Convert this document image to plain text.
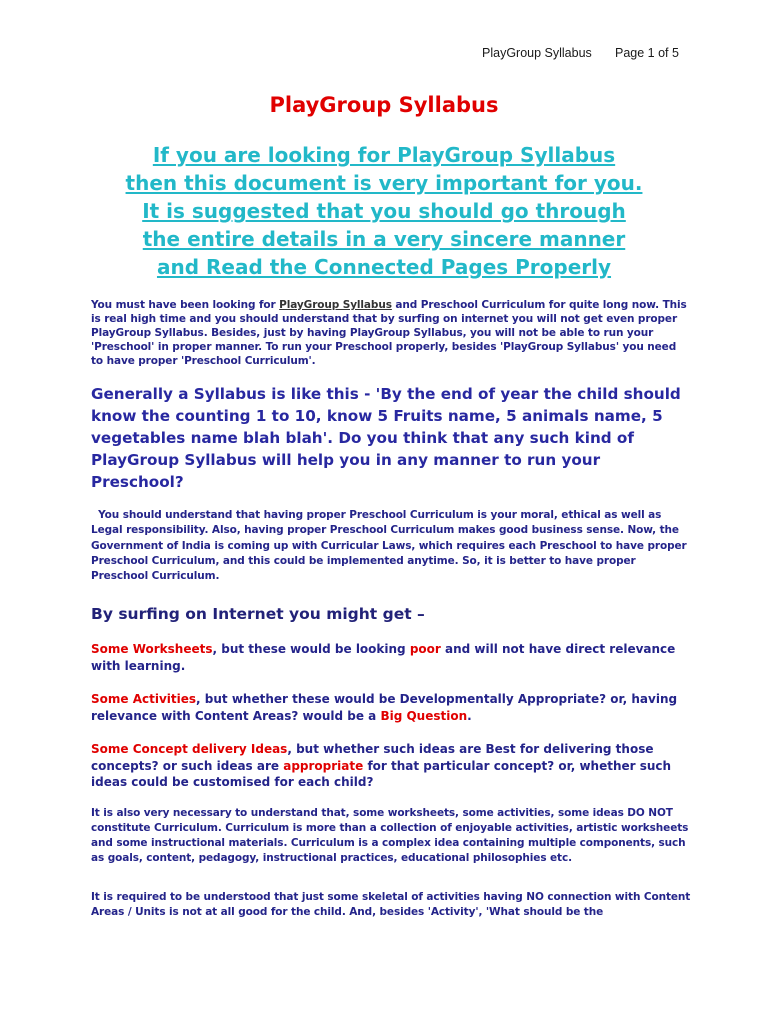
PlayGroup Syllabus Page 1 of 5
PlayGroup Syllabus
If you are looking for PlayGroup Syllabus
then this document is very important for you.
It is suggested that you should go through
the entire details in a very sincere manner
and Read the Connected Pages Properly

You must have been looking for PlayGroup Syllabus and Preschool Curriculum for quite long now. This is real high time and you should understand that by surfing on internet you will not get even proper PlayGroup Syllabus. Besides, just by having PlayGroup Syllabus, you will not be able to run your 'Preschool' in proper manner. To run your Preschool properly, besides 'PlayGroup Syllabus' you need to have proper 'Preschool Curriculum'.

Generally a Syllabus is like this - 'By the end of year the child should know the counting 1 to 10, know 5 Fruits name, 5 animals name, 5 vegetables name blah blah'. Do you think that any such kind of PlayGroup Syllabus will help you in any manner to run your Preschool?

You should understand that having proper Preschool Curriculum is your moral, ethical as well as Legal responsibility. Also, having proper Preschool Curriculum makes good business sense. Now, the Government of India is coming up with Curricular Laws, which requires each Preschool to have proper Preschool Curriculum, and this could be implemented anytime. So, it is better to have proper Preschool Curriculum.

By surfing on Internet you might get –

Some Worksheets, but these would be looking poor and will not have direct relevance with learning.

Some Activities, but whether these would be Developmentally Appropriate? or, having relevance with Content Areas? would be a Big Question.

Some Concept delivery Ideas, but whether such ideas are Best for delivering those concepts? or such ideas are appropriate for that particular concept? or, whether such ideas could be customised for each child?

It is also very necessary to understand that, some worksheets, some activities, some ideas DO NOT constitute Curriculum. Curriculum is more than a collection of enjoyable activities, artistic worksheets and some instructional materials. Curriculum is a complex idea containing multiple components, such as goals, content, pedagogy, instructional practices, educational philosophies etc.

It is required to be understood that just some skeletal of activities having NO connection with Content Areas / Units is not at all good for the child. And, besides 'Activity', 'What should be the
